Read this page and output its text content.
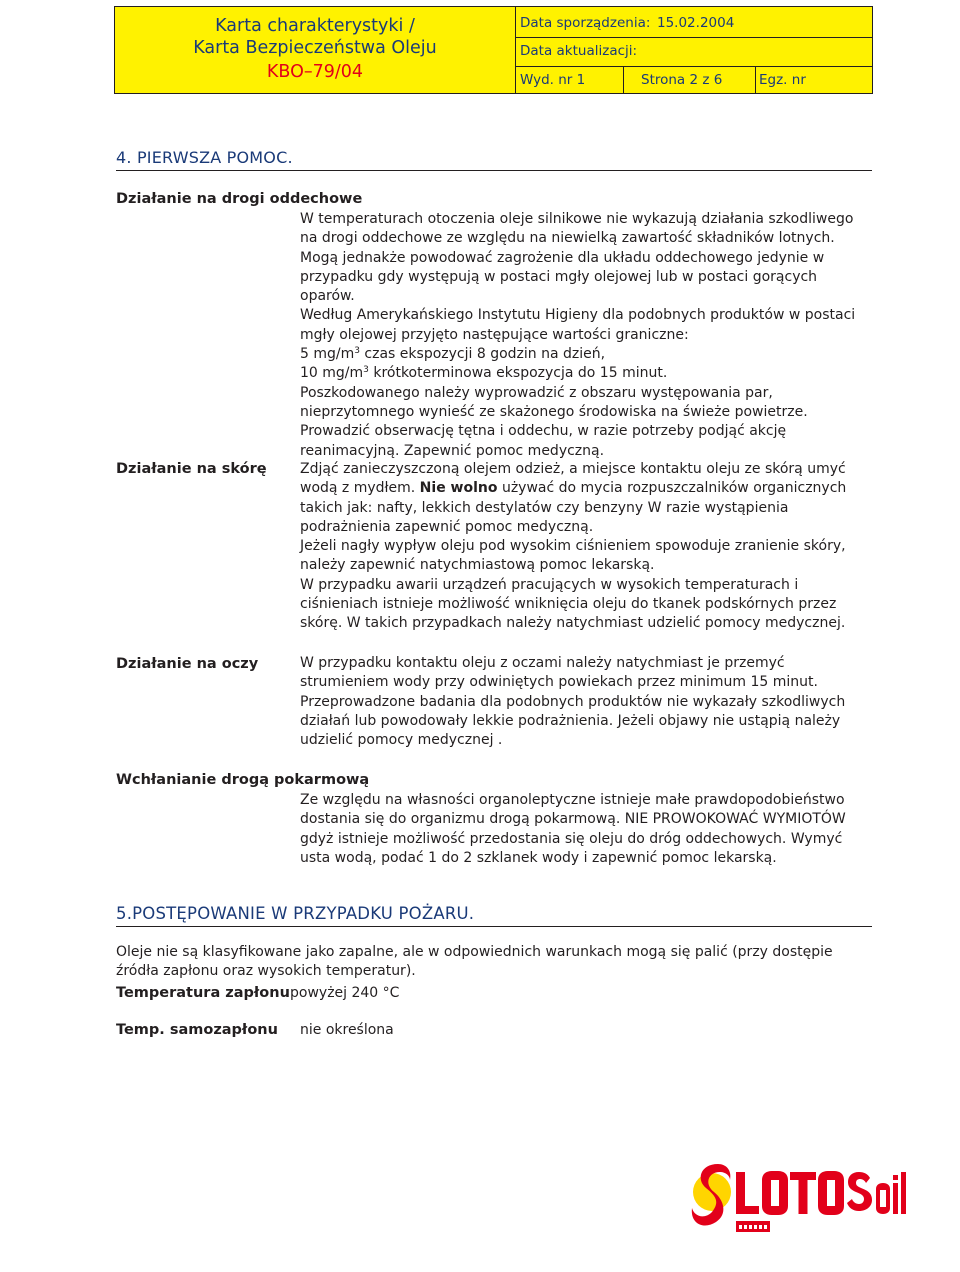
Karta charakterystyki /
Karta Bezpieczeństwa Oleju
KBO–79/04
Data sporządzenia: 15.02.2004
Data aktualizacji:
Wyd. nr 1	Strona 2 z 6	Egz. nr
4. PIERWSZA POMOC.
Działanie na drogi oddechowe

W temperaturach otoczenia oleje silnikowe nie wykazują działania szkodliwego na drogi oddechowe ze względu na niewielką zawartość składników lotnych. Mogą jednakże powodować zagrożenie dla układu oddechowego jedynie w przypadku gdy występują w postaci mgły olejowej lub w postaci gorących oparów.

Według Amerykańskiego Instytutu Higieny dla podobnych produktów w postaci mgły olejowej przyjęto następujące wartości graniczne:

5 $mg/m^3$ czas ekspozycji 8 godzin na dzień,

10 $mg/m^3$ krótkoterminowa ekspozycja do 15 minut.

Poszkodowanego należy wyprowadzić z obszaru występowania par, nieprzytomnego wynieść ze skażonego środowiska na świeże powietrze. Prowadzić obserwację tętna i oddechu, w razie potrzeby podjąć akcję reanimacyjną. Zapewnić pomoc medyczną.

Działanie na skórę Zdjąć zanieczyszczoną olejem odzież, a miejsce kontaktu oleju ze skórą umyć wodą z mydłem. Nie wolno używać do mycia rozpuszczalników organicznych takich jak: nafty, lekkich destylatów czy benzyny W razie wystąpienia podrażnienia zapewnić pomoc medyczną.

Jeżeli nagły wypływ oleju pod wysokim ciśnieniem spowoduje zranienie skóry, należy zapewnić natychmiastową pomoc lekarską.

W przypadku awarii urządzeń pracujących w wysokich temperaturach i ciśnieniach istnieje możliwość wniknięcia oleju do tkanek podskórnych przez skórę. W takich przypadkach należy natychmiast udzielić pomocy medycznej.

Działanie na oczy	W przypadku kontaktu oleju z oczami należy natychmiast je przemyć strumieniem wody przy odwiniętych powiekach przez minimum 15 minut. Przeprowadzone badania dla podobnych produktów nie wykazały szkodliwych działań lub powodowały lekkie podrażnienia. Jeżeli objawy nie ustąpią należy udzielić pomocy medycznej .

Wchłanianie drogą pokarmową

Ze względu na własności organoleptyczne istnieje małe prawdopodobieństwo dostania się do organizmu drogą pokarmową. NIE PROWOKOWAĆ WYMIOTÓW gdyż istnieje możliwość przedostania się oleju do dróg oddechowych. Wymyć usta wodą, podać 1 do 2 szklanek wody i zapewnić pomoc lekarską.

5.POSTĘPOWANIE W PRZYPADKU POŻARU.
Oleje nie są klasyfikowane jako zapalne, ale w odpowiednich warunkach mogą się palić (przy dostępie źródła zapłonu oraz wysokich temperatur).
Temperatura zapłonu powyżej 240 °C
Temp. samozapłonu nie określona
